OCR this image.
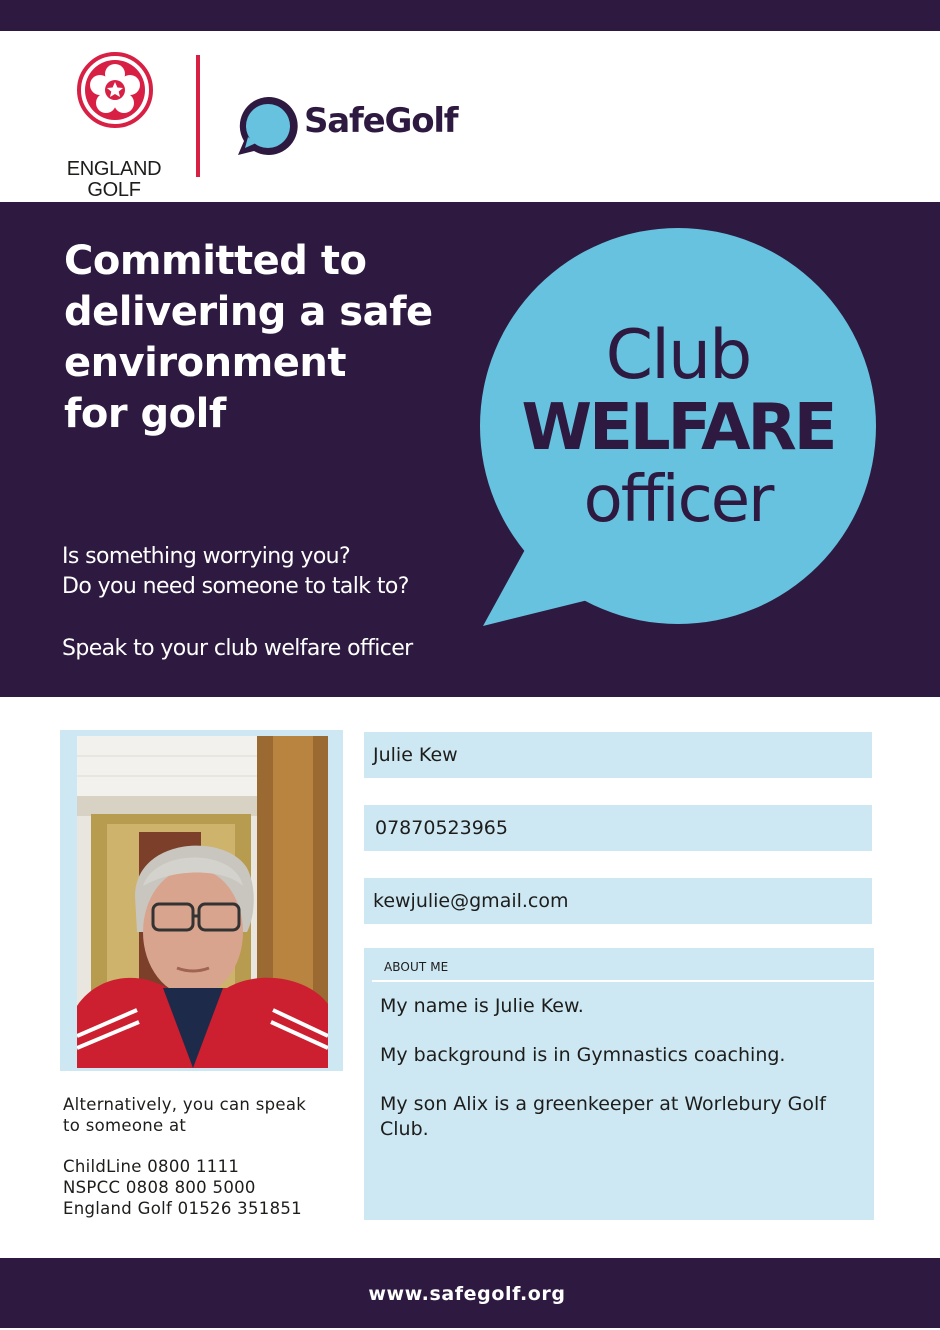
ENGLAND
GOLF
SafeGolf
Committed to
delivering a safe
environment
for golf
Is something worrying you?
Do you need someone to talk to?
Speak to your club welfare officer
Club
WELFARE
officer
Julie Kew
07870523965
kewjulie@gmail.com
ABOUT ME

My name is Julie Kew.

My background is in Gymnastics coaching.

My son Alix is a greenkeeper at Worlebury Golf Club.

Alternatively, you can speak
to someone at
ChildLine 0800 1111
NSPCC 0808 800 5000
England Golf 01526 351851
www.safegolf.org
